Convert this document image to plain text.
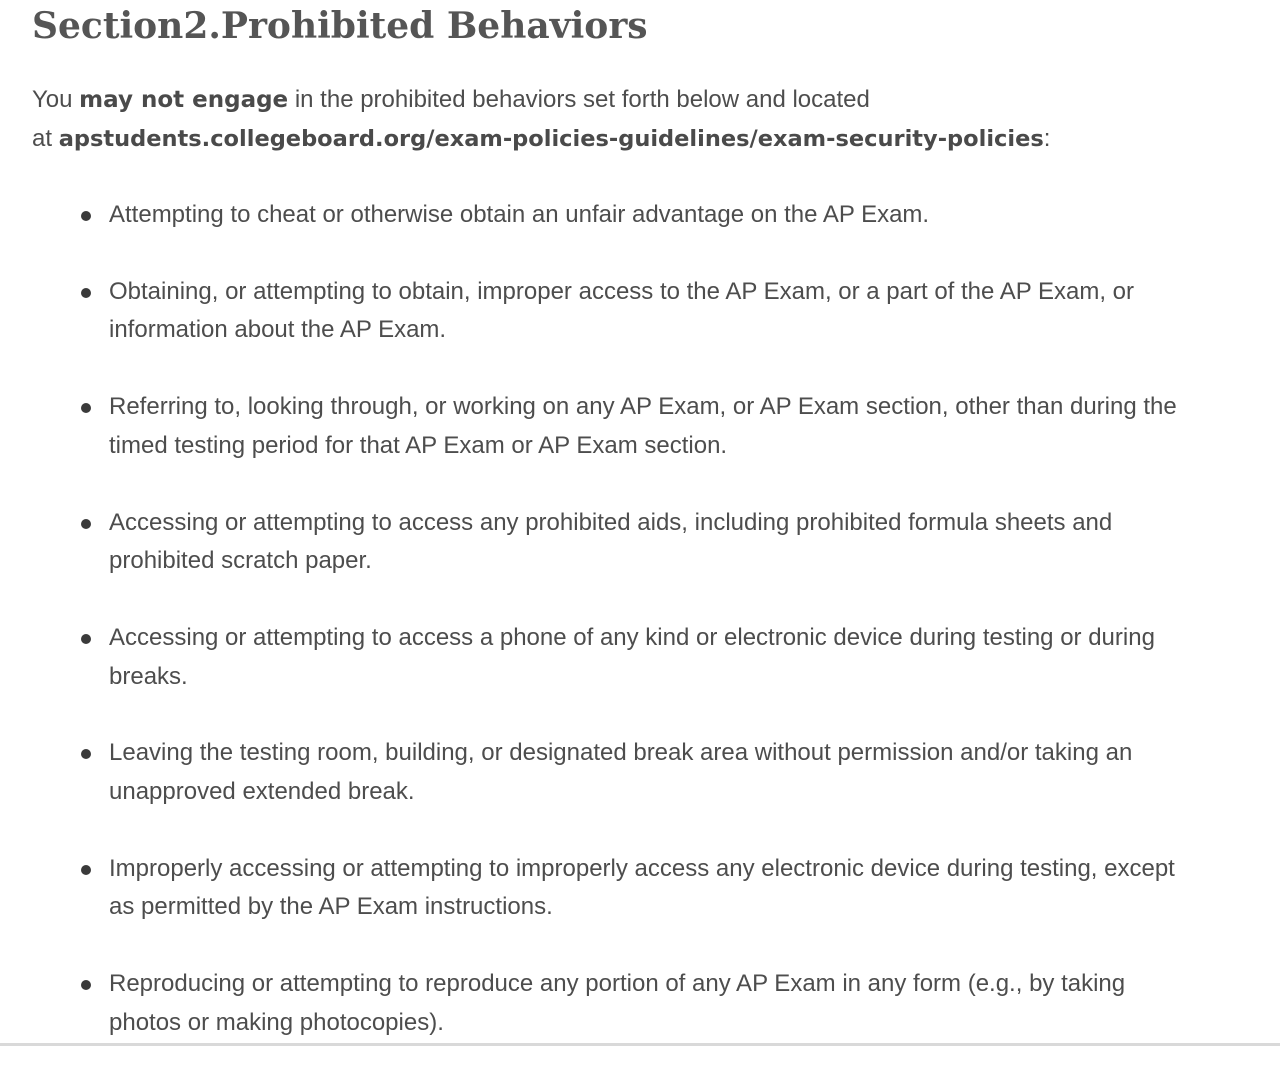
Section2.Prohibited Behaviors

You may not engage in the prohibited behaviors set forth below and located
at apstudents.collegeboard.org/exam-policies-guidelines/exam-security-policies:

Attempting to cheat or otherwise obtain an unfair advantage on the AP Exam.
Obtaining, or attempting to obtain, improper access to the AP Exam, or a part of the AP Exam, or information about the AP Exam.
Referring to, looking through, or working on any AP Exam, or AP Exam section, other than during the timed testing period for that AP Exam or AP Exam section.
Accessing or attempting to access any prohibited aids, including prohibited formula sheets and prohibited scratch paper.
Accessing or attempting to access a phone of any kind or electronic device during testing or during breaks.
Leaving the testing room, building, or designated break area without permission and/or taking an unapproved extended break.
Improperly accessing or attempting to improperly access any electronic device during testing, except as permitted by the AP Exam instructions.
Reproducing or attempting to reproduce any portion of any AP Exam in any form (e.g., by taking photos or making photocopies).
